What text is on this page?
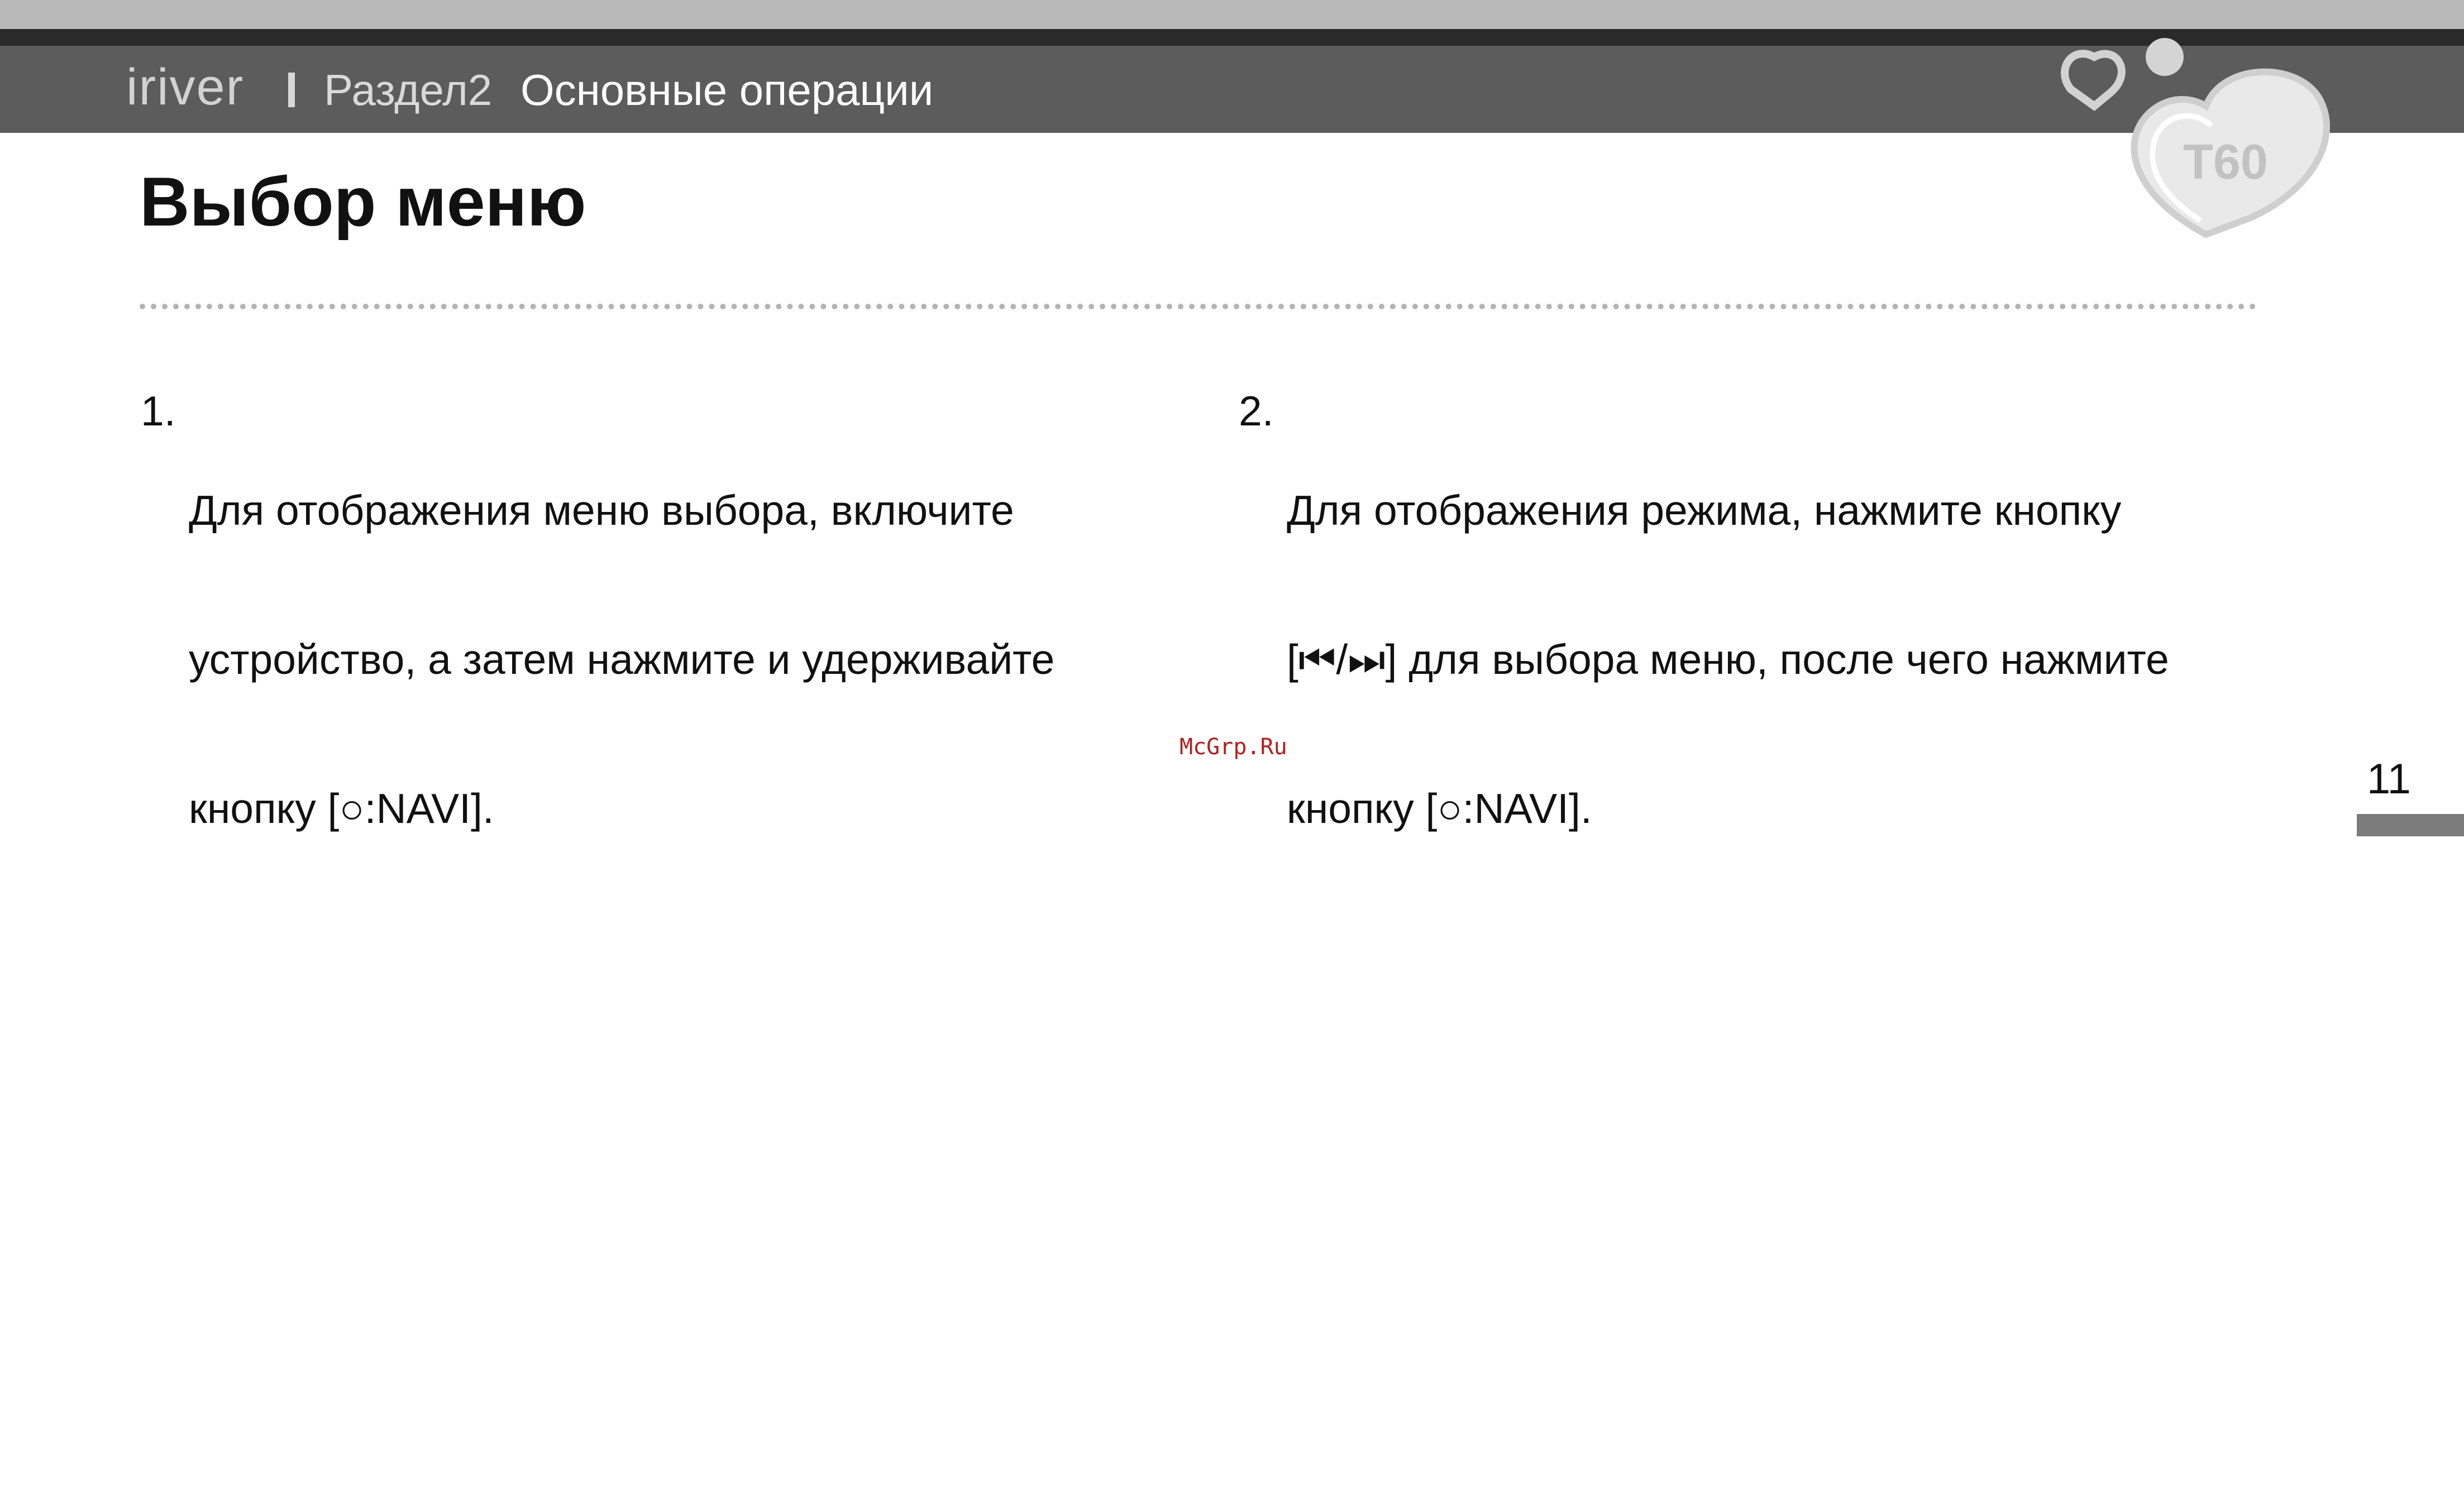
iriver Раздел2 Основные операции
T60
Выбор меню
1.

Для отображения меню выбора, включите

устройство, а затем нажмите и удерживайте

кнопку [○:NAVI].

2.

Для отображения режима, нажмите кнопку

[⏮/⏭] для выбора меню, после чего нажмите

кнопку [○:NAVI].

McGrp.Ru
11
